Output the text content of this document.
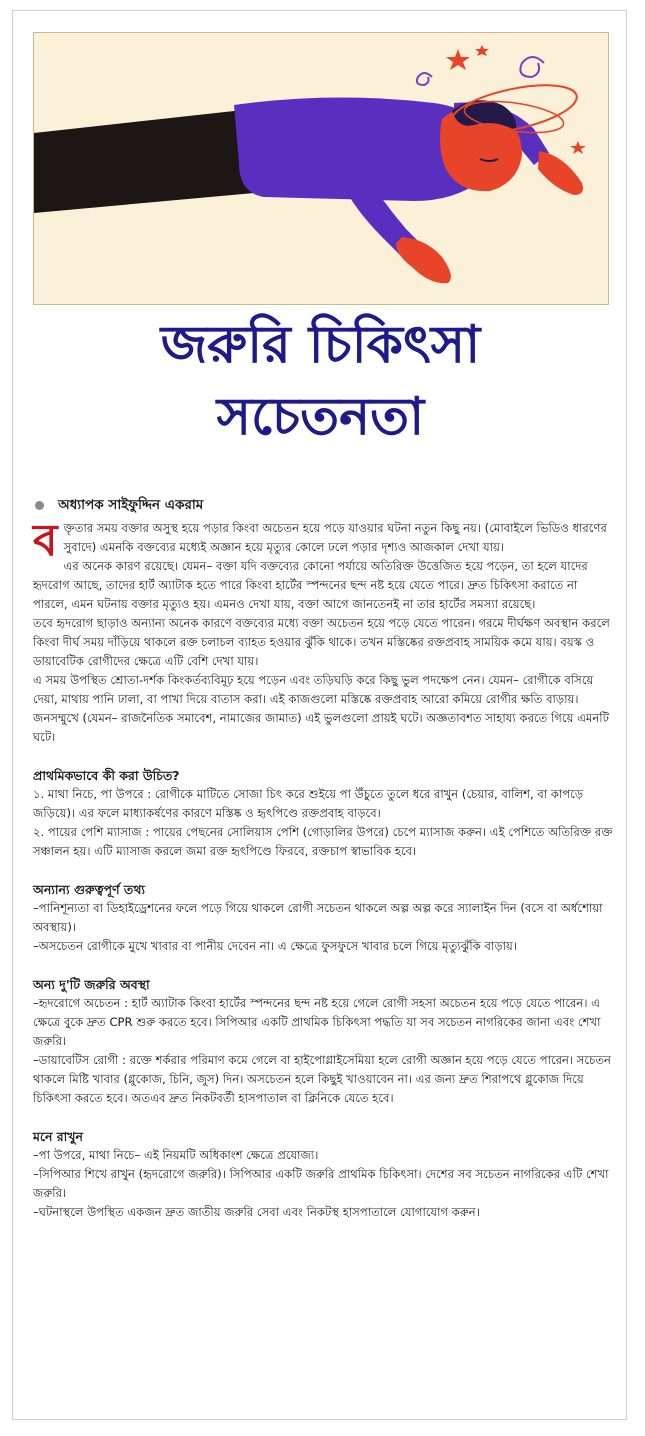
জরুরি চিকিৎসা
সচেতনতা
অধ্যাপক সাইফুদ্দিন একরাম

বক্তৃতার সময় বক্তার অসুস্থ হয়ে পড়ার কিংবা অচেতন হয়ে পড়ে যাওয়ার ঘটনা নতুন কিছু নয়। (মোবাইলে ভিডিও ধারণের সুবাদে) এমনকি বক্তব্যের মধ্যেই অজ্ঞান হয়ে মৃত্যুর কোলে ঢলে পড়ার দৃশ্যও আজকাল দেখা যায়।

এর অনেক কারণ রয়েছে। যেমন– বক্তা যদি বক্তব্যের কোনো পর্যায়ে অতিরিক্ত উত্তেজিত হয়ে পড়েন, তা হলে যাদের হৃদরোগ আছে, তাদের হার্ট অ্যাটাক হতে পারে কিংবা হার্টের স্পন্দনের ছন্দ নষ্ট হয়ে যেতে পারে। দ্রুত চিকিৎসা করাতে না পারলে, এমন ঘটনায় বক্তার মৃত্যুও হয়। এমনও দেখা যায়, বক্তা আগে জানতেনই না তার হার্টের সমস্যা রয়েছে।

তবে হৃদরোগ ছাড়াও অন্যান্য অনেক কারণে বক্তব্যের মধ্যে বক্তা অচেতন হয়ে পড়ে যেতে পারেন। গরমে দীর্ঘক্ষণ অবস্থান করলে কিংবা দীর্ঘ সময় দাঁড়িয়ে থাকলে রক্ত চলাচল ব্যাহত হওয়ার ঝুঁকি থাকে। তখন মস্তিষ্কের রক্তপ্রবাহ সাময়িক কমে যায়। বয়স্ক ও ডায়াবেটিক রোগীদের ক্ষেত্রে এটি বেশি দেখা যায়।

এ সময় উপস্থিত শ্রোতা-দর্শক কিংকর্তব্যবিমূঢ় হয়ে পড়েন এবং তড়িঘড়ি করে কিছু ভুল পদক্ষেপ নেন। যেমন– রোগীকে বসিয়ে দেয়া, মাথায় পানি ঢালা, বা পাখা দিয়ে বাতাস করা। এই কাজগুলো মস্তিষ্কে রক্তপ্রবাহ আরো কমিয়ে রোগীর ক্ষতি বাড়ায়। জনসম্মুখে (যেমন– রাজনৈতিক সমাবেশ, নামাজের জামাত) এই ভুলগুলো প্রায়ই ঘটে। অজ্ঞতাবশত সাহায্য করতে গিয়ে এমনটি ঘটে।

প্রাথমিকভাবে কী করা উচিত?

১. মাথা নিচে, পা উপরে : রোগীকে মাটিতে সোজা চিৎ করে শুইয়ে পা উঁচুতে তুলে ধরে রাখুন (চেয়ার, বালিশ, বা কাপড়ে জড়িয়ে)। এর ফলে মাধ্যাকর্ষণের কারণে মস্তিষ্ক ও হৃৎপিণ্ডে রক্তপ্রবাহ বাড়বে।

২. পায়ের পেশি ম্যাসাজ : পায়ের পেছনের সোলিয়াস পেশি (গোড়ালির উপরে) চেপে ম্যাসাজ করুন। এই পেশিতে অতিরিক্ত রক্ত সঞ্চালন হয়। এটি ম্যাসাজ করলে জমা রক্ত হৃৎপিণ্ডে ফিরবে, রক্তচাপ স্বাভাবিক হবে।

অন্যান্য গুরুত্বপূর্ণ তথ্য

–পানিশূন্যতা বা ডিহাইড্রেশনের ফলে পড়ে গিয়ে থাকলে রোগী সচেতন থাকলে অল্প অল্প করে স্যালাইন দিন (বসে বা অর্ধশোয়া অবস্থায়)।

–অসচেতন রোগীকে মুখে খাবার বা পানীয় দেবেন না। এ ক্ষেত্রে ফুসফুসে খাবার চলে গিয়ে মৃত্যুঝুঁকি বাড়ায়।

অন্য দু'টি জরুরি অবস্থা

–হৃদরোগে অচেতন : হার্ট অ্যাটাক কিংবা হার্টের স্পন্দনের ছন্দ নষ্ট হয়ে গেলে রোগী সহসা অচেতন হয়ে পড়ে যেতে পারেন। এ ক্ষেত্রে বুকে দ্রুত CPR শুরু করতে হবে। সিপিআর একটি প্রাথমিক চিকিৎসা পদ্ধতি যা সব সচেতন নাগরিকের জানা এবং শেখা জরুরি।

–ডায়াবেটিস রোগী : রক্তে শর্করার পরিমাণ কমে গেলে বা হাইপোগ্লাইসেমিয়া হলে রোগী অজ্ঞান হয়ে পড়ে যেতে পারেন। সচেতন থাকলে মিষ্টি খাবার (গ্লুকোজ, চিনি, জুস) দিন। অসচেতন হলে কিছুই খাওয়াবেন না। এর জন্য দ্রুত শিরাপথে গ্লুকোজ দিয়ে চিকিৎসা করতে হবে। অতএব দ্রুত নিকটবর্তী হাসপাতাল বা ক্লিনিকে যেতে হবে।

মনে রাখুন

–পা উপরে, মাথা নিচে– এই নিয়মটি অধিকাংশ ক্ষেত্রে প্রযোজ্য।

–সিপিআর শিখে রাখুন (হৃদরোগে জরুরি)। সিপিআর একটি জরুরি প্রাথমিক চিকিৎসা। দেশের সব সচেতন নাগরিকের এটি শেখা জরুরি।

–ঘটনাস্থলে উপস্থিত একজন দ্রুত জাতীয় জরুরি সেবা এবং নিকটস্থ হাসপাতালে যোগাযোগ করুন।
